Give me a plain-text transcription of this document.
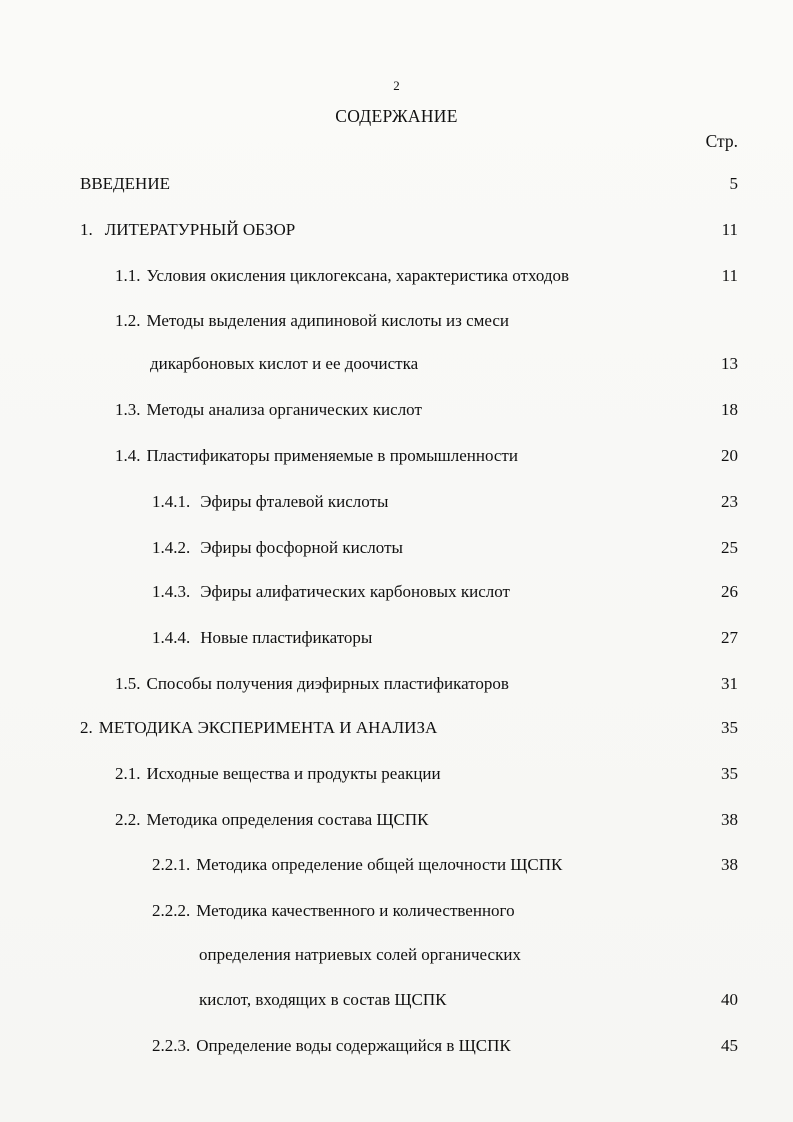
2
СОДЕРЖАНИЕ
Стр.
ВВЕДЕНИЕ	5
1. ЛИТЕРАТУРНЫЙ ОБЗОР	11
1.1. Условия окисления циклогексана, характеристика отходов	11
1.2. Методы выделения адипиновой кислоты из смеси
дикарбоновых кислот и ее доочистка	13
1.3. Методы анализа органических кислот	18
1.4. Пластификаторы применяемые в промышленности	20
1.4.1. Эфиры фталевой кислоты	23
1.4.2. Эфиры фосфорной кислоты	25
1.4.3. Эфиры алифатических карбоновых кислот	26
1.4.4. Новые пластификаторы	27
1.5. Способы получения диэфирных пластификаторов	31
2. МЕТОДИКА ЭКСПЕРИМЕНТА И АНАЛИЗА	35
2.1. Исходные вещества и продукты реакции	35
2.2. Методика определения состава ЩСПК	38
2.2.1. Методика определение общей щелочности ЩСПК	38
2.2.2. Методика качественного и количественного
определения натриевых солей органических
кислот, входящих в состав ЩСПК	40
2.2.3. Определение воды содержащийся в ЩСПК	45
